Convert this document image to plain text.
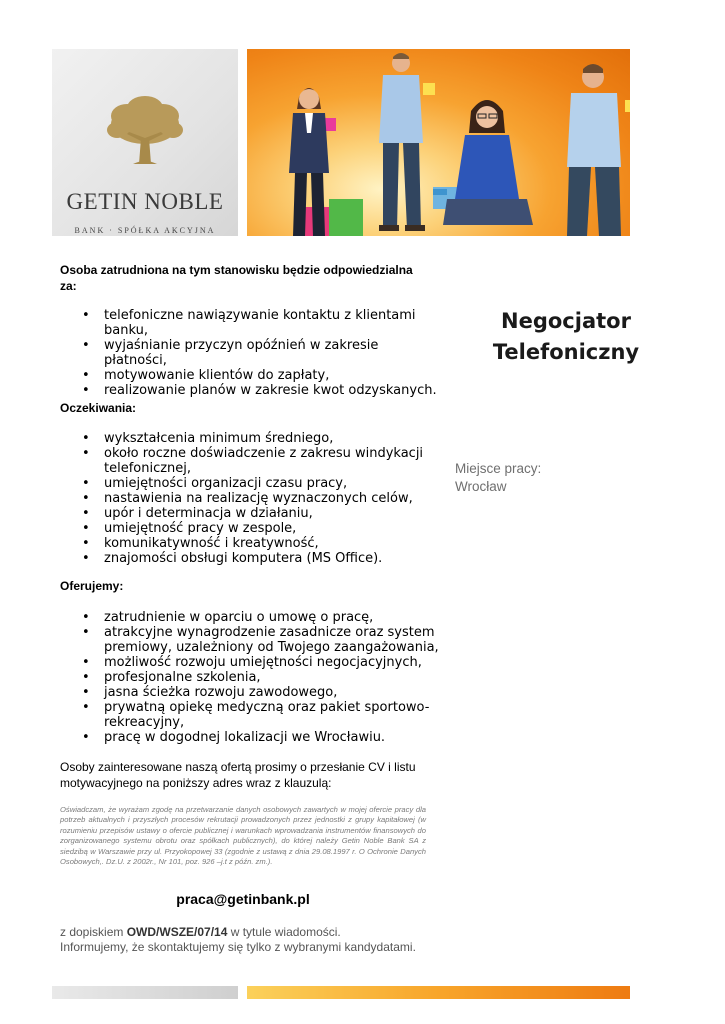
GETIN NOBLE
BANK · SPÓŁKA AKCYJNA
Osoba zatrudniona na tym stanowisku będzie odpowiedzialna za:
• telefoniczne nawiązywanie kontaktu z klientami banku,
• wyjaśnianie przyczyn opóźnień w zakresie płatności,
• motywowanie klientów do zapłaty,
• realizowanie planów w zakresie kwot odzyskanych.
Negocjator
Telefoniczny
Miejsce pracy:
Wrocław
Oczekiwania:
• wykształcenia minimum średniego,
• około roczne doświadczenie z zakresu windykacji telefonicznej,
• umiejętności organizacji czasu pracy,
• nastawienia na realizację wyznaczonych celów,
• upór i determinacja w działaniu,
• umiejętność pracy w zespole,
• komunikatywność i kreatywność,
• znajomości obsługi komputera (MS Office).
Oferujemy:
• zatrudnienie w oparciu o umowę o pracę,
• atrakcyjne wynagrodzenie zasadnicze oraz system premiowy, uzależniony od Twojego zaangażowania,
• możliwość rozwoju umiejętności negocjacyjnych,
• profesjonalne szkolenia,
• jasna ścieżka rozwoju zawodowego,
• prywatną opiekę medyczną oraz pakiet sportowo-rekreacyjny,
• pracę w dogodnej lokalizacji we Wrocławiu.
Osoby zainteresowane naszą ofertą prosimy o przesłanie CV i listu motywacyjnego na poniższy adres wraz z klauzulą:
Oświadczam, że wyrażam zgodę na przetwarzanie danych osobowych zawartych w mojej ofercie pracy dla potrzeb aktualnych i przyszłych procesów rekrutacji prowadzonych przez jednostki z grupy kapitałowej (w rozumieniu przepisów ustawy o ofercie publicznej i warunkach wprowadzania instrumentów finansowych do zorganizowanego systemu obrotu oraz spółkach publicznych), do której należy Getin Noble Bank SA z siedzibą w Warszawie przy ul. Przyokopowej 33 (zgodnie z ustawą z dnia 29.08.1997 r. O Ochronie Danych Osobowych,. Dz.U. z 2002r., Nr 101, poz. 926 –j.t z późn. zm.).
praca@getinbank.pl
z dopiskiem OWD/WSZE/07/14 w tytule wiadomości.
Informujemy, że skontaktujemy się tylko z wybranymi kandydatami.
